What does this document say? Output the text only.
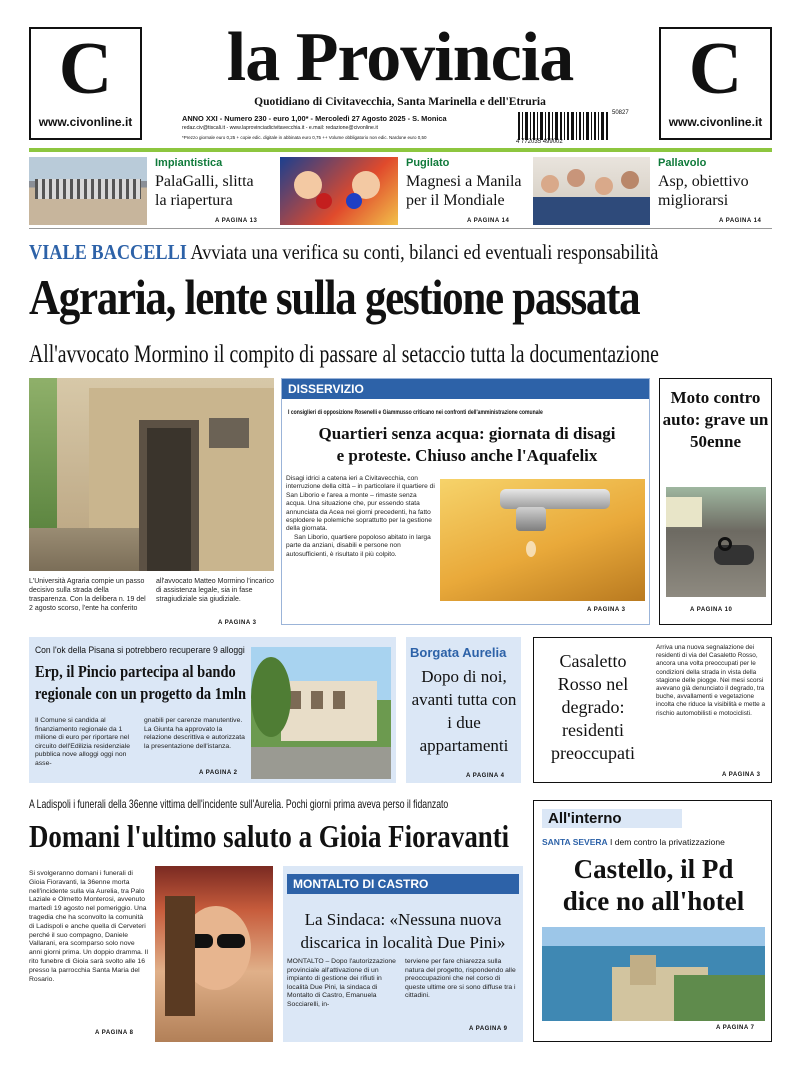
C
www.civonline.it
C
www.civonline.it
la Provincia
Quotidiano di Civitavecchia, Santa Marinella e dell'Etruria
ANNO XXI - Numero 230 - euro 1,00* - Mercoledì 27 Agosto 2025 - S. Monica
redaz.civ@tiscali.it - www.laprovinciadicivitavecchia.it - e.mail: redazione@civonline.it
*Prezzo giornale euro 0,25 + copie edic. digitale in abbinata euro 0,75 ++ Volume obbligatorio non edic. Nardone euro 0,50
50827
4 772035 499002
Impiantistica
PalaGalli, slitta
la riapertura
A PAGINA 13
Pugilato
Magnesi a Manila
per il Mondiale
A PAGINA 14
Pallavolo
Asp, obiettivo
migliorarsi
A PAGINA 14
VIALE BACCELLI Avviata una verifica su conti, bilanci ed eventuali responsabilità
Agraria, lente sulla gestione passata
All'avvocato Mormino il compito di passare al setaccio tutta la documentazione
L'Università Agraria compie un passo decisivo sulla strada della trasparenza. Con la delibera n. 19 del 2 agosto scorso, l'ente ha conferito
all'avvocato Matteo Mormino l'incarico di assistenza legale, sia in fase stragiudiziale sia giudiziale.
A PAGINA 3
DISSERVIZIO
I consiglieri di opposizione Rosenelli e Giammusso criticano nei confronti dell'amministrazione comunale
Quartieri senza acqua: giornata di disagi
e proteste. Chiuso anche l'Aquafelix
Disagi idrici a catena ieri a Civitavecchia, con interruzione della città – in particolare il quartiere di San Liborio e l'area a monte – rimaste senza acqua. Una situazione che, pur essendo stata annunciata da Acea nei giorni precedenti, ha fatto esplodere le polemiche soprattutto per la gestione della giornata.
San Liborio, quartiere popoloso abitato in larga parte da anziani, disabili e persone non autosufficienti, è risultato il più colpito.
A PAGINA 3
Moto contro auto: grave un 50enne
A PAGINA 10
Con l'ok della Pisana si potrebbero recuperare 9 alloggi
Erp, il Pincio partecipa al bando
regionale con un progetto da 1mln
Il Comune si candida al finanziamento regionale da 1 milione di euro per riportare nel circuito dell'Edilizia residenziale pubblica nove alloggi oggi non asse-
gnabili per carenze manutentive. La Giunta ha approvato la relazione descrittiva e autorizzata la presentazione dell'istanza.
A PAGINA 2
Borgata Aurelia
Dopo di noi, avanti tutta con i due appartamenti
A PAGINA 4
Casaletto Rosso nel degrado: residenti preoccupati
Arriva una nuova segnalazione dei residenti di via del Casaletto Rosso, ancora una volta preoccupati per le condizioni della strada in vista della stagione delle piogge. Nei mesi scorsi avevano già denunciato il degrado, tra buche, avvallamenti e vegetazione incolta che riduce la visibilità e mette a rischio automobilisti e motociclisti.
A PAGINA 3
A Ladispoli i funerali della 36enne vittima dell'incidente sull'Aurelia. Pochi giorni prima aveva perso il fidanzato
Domani l'ultimo saluto a Gioia Fioravanti
Si svolgeranno domani i funerali di Gioia Fioravanti, la 36enne morta nell'incidente sulla via Aurelia, tra Palo Laziale e Olmetto Monterosi, avvenuto martedì 19 agosto nel pomeriggio. Una tragedia che ha sconvolto la comunità di Ladispoli e anche quella di Cerveteri perché il suo compagno, Daniele Vallarani, era scomparso solo nove anni giorni prima. Un doppio dramma. Il rito funebre di Gioia sarà svolto alle 16 presso la parrocchia Santa Maria del Rosario.
A PAGINA 8
MONTALTO DI CASTRO
La Sindaca: «Nessuna nuova
discarica in località Due Pini»
MONTALTO – Dopo l'autorizzazione provinciale all'attivazione di un impianto di gestione dei rifiuti in località Due Pini, la sindaca di Montalto di Castro, Emanuela Socciarelli, in-
terviene per fare chiarezza sulla natura del progetto, rispondendo alle preoccupazioni che nel corso di queste ultime ore si sono diffuse tra i cittadini.
A PAGINA 9
All'interno
SANTA SEVERA I dem contro la privatizzazione
Castello, il Pd
dice no all'hotel
A PAGINA 7
